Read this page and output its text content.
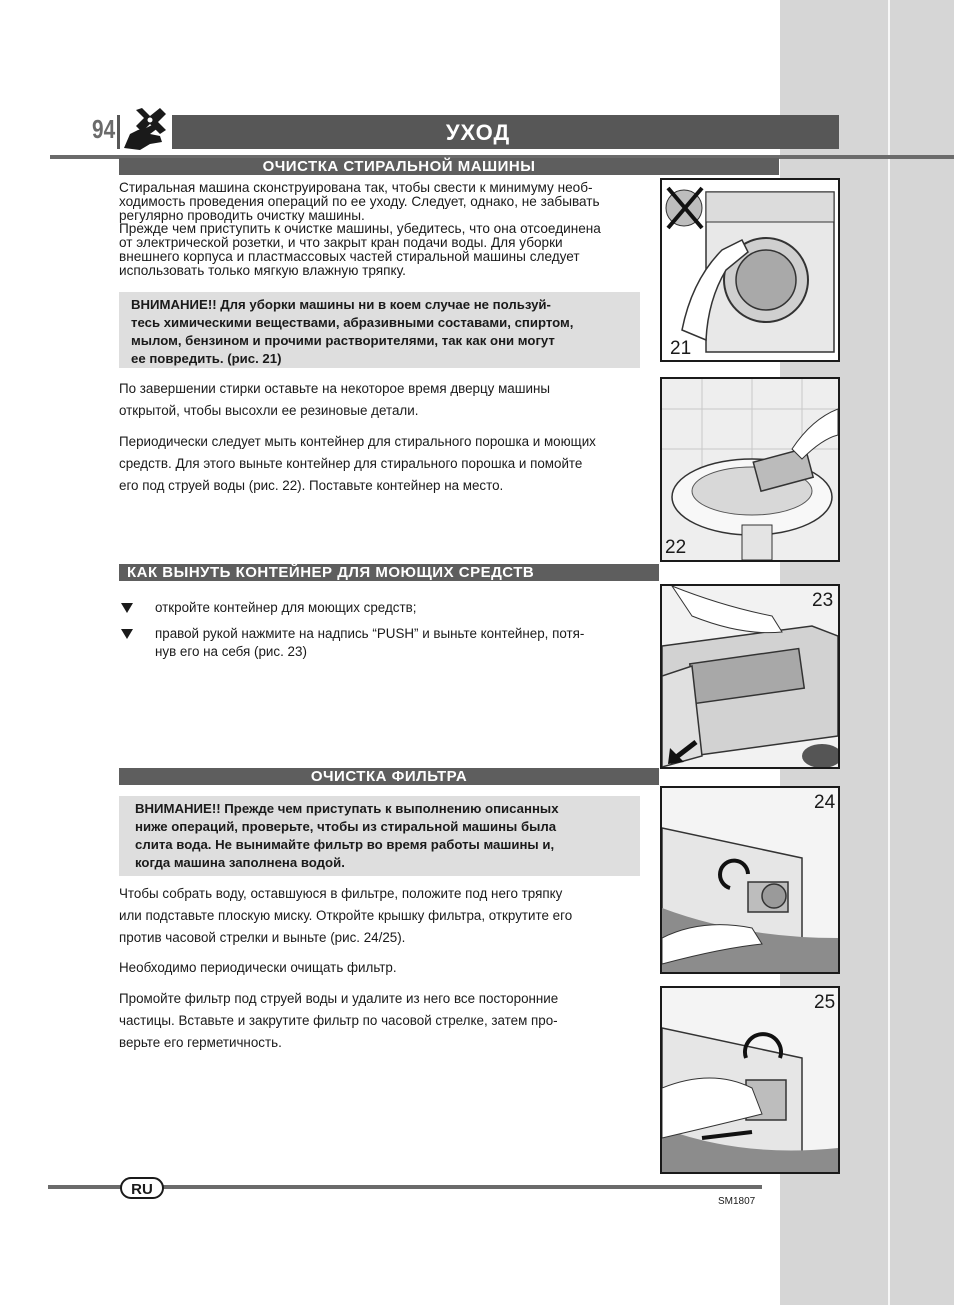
94	УХОД
ОЧИСТКА СТИРАЛЬНОЙ МАШИНЫ
Стиральная машина сконструирована так, чтобы свести к минимуму необ-
ходимость проведения операций по ее уходу. Следует, однако, не забывать
регулярно проводить очистку машины.
Прежде чем приступить к очистке машины, убедитесь, что она отсоединена
от электрической розетки, и что закрыт кран подачи воды. Для уборки
внешнего корпуса и пластмассовых частей стиральной машины следует
использовать только мягкую влажную тряпку.
ВНИМАНИЕ!! Для уборки машины ни в коем случае не пользуй-
тесь химическими веществами, абразивными составами, спиртом,
мылом, бензином и прочими растворителями, так как они могут
ее повредить. (рис. 21)
По завершении стирки оставьте на некоторое время дверцу машины
открытой, чтобы высохли ее резиновые детали.
Периодически следует мыть контейнер для стирального порошка и моющих
средств. Для этого выньте контейнер для стирального порошка и помойте
его под струей воды (рис. 22). Поставьте контейнер на место.
21
22
КАК ВЫНУТЬ КОНТЕЙНЕР ДЛЯ МОЮЩИХ СРЕДСТВ
откройте контейнер для моющих средств;
правой рукой нажмите на надпись “PUSH” и выньте контейнер, потя-
нув его на себя (рис. 23)
23
ОЧИСТКА ФИЛЬТРА
ВНИМАНИЕ!! Прежде чем приступать к выполнению описанных
ниже операций, проверьте, чтобы из стиральной машины была
слита вода. Не вынимайте фильтр во время работы машины и,
когда машина заполнена водой.
Чтобы собрать воду, оставшуюся в фильтре, положите под него тряпку
или подставьте плоскую миску. Откройте крышку фильтра, открутите его
против часовой стрелки и выньте (рис. 24/25).
Необходимо периодически очищать фильтр.
Промойте фильтр под струей воды и удалите из него все посторонние
частицы. Вставьте и закрутите фильтр по часовой стрелке, затем про-
верьте его герметичность.
24
25
RU
SM1807
